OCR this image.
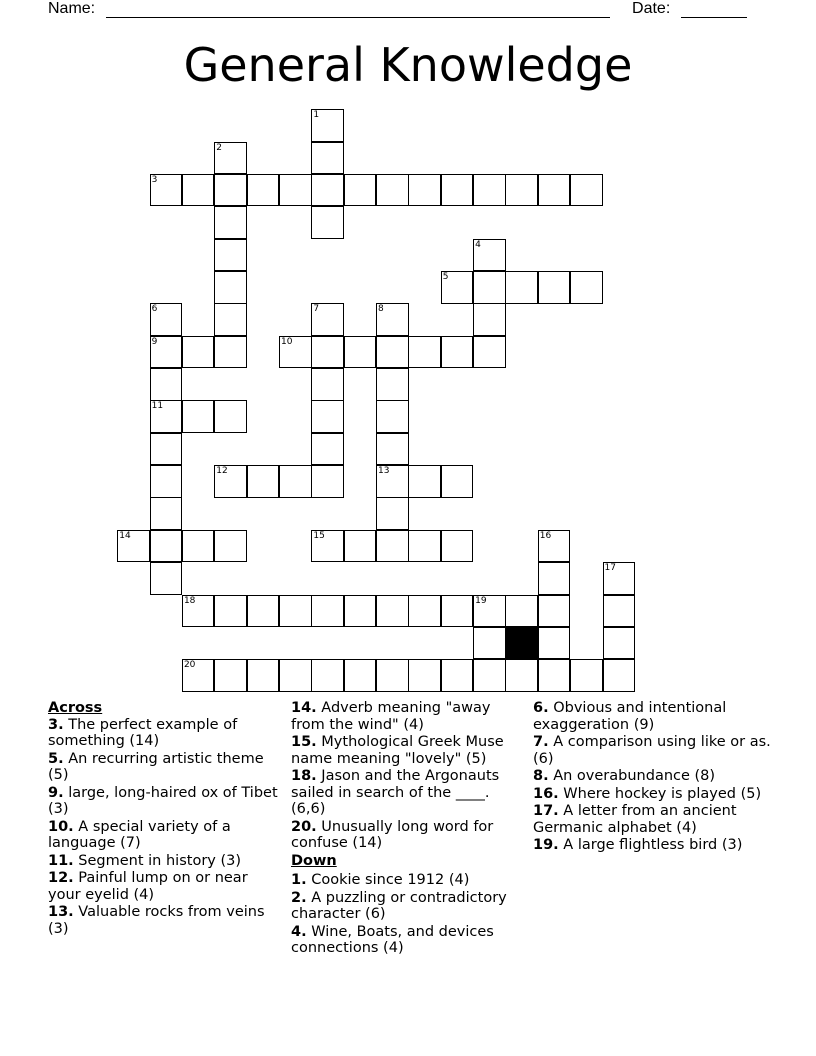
Name:	Date:
General Knowledge
1
2
3
4
5
6	7	8
9	10
11
12	13
14	15	16
17
18	19
20
Across
3. The perfect example of something (14)
5. An recurring artistic theme (5)
9. large, long-haired ox of Tibet (3)
10. A special variety of a language (7)
11. Segment in history (3)
12. Painful lump on or near your eyelid (4)
13. Valuable rocks from veins (3)
14. Adverb meaning "away from the wind" (4)
15. Mythological Greek Muse name meaning "lovely" (5)
18. Jason and the Argonauts sailed in search of the ____. (6,6)
20. Unusually long word for confuse (14)
Down
1. Cookie since 1912 (4)
2. A puzzling or contradictory character (6)
4. Wine, Boats, and devices connections (4)
6. Obvious and intentional exaggeration (9)
7. A comparison using like or as. (6)
8. An overabundance (8)
16. Where hockey is played (5)
17. A letter from an ancient Germanic alphabet (4)
19. A large flightless bird (3)
